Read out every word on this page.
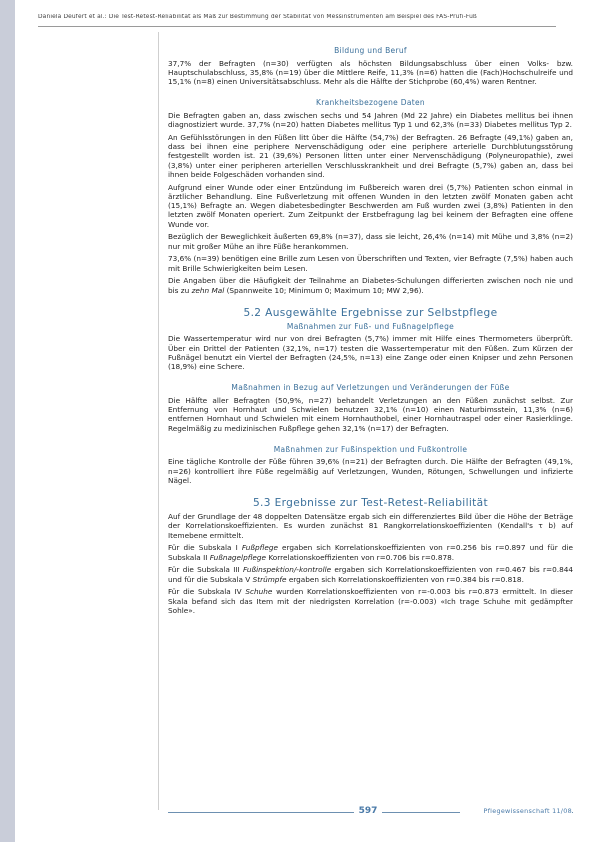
Daniela Deufert et al.: Die Test-Retest-Reliabilität als Maß zur Bestimmung der Stabilität von Messinstrumenten am Beispiel des FAS-Prufi-Fuß
Bildung und Beruf

37,7% der Befragten (n=30) verfügten als höchsten Bildungsabschluss über einen Volks- bzw. Hauptschulabschluss, 35,8% (n=19) über die Mittlere Reife, 11,3% (n=6) hatten die (Fach)Hochschulreife und 15,1% (n=8) einen Universitätsabschluss. Mehr als die Hälfte der Stichprobe (60,4%) waren Rentner.

Krankheitsbezogene Daten

Die Befragten gaben an, dass zwischen sechs und 54 Jahren (Md 22 Jahre) ein Diabetes mellitus bei ihnen diagnostiziert wurde. 37,7% (n=20) hatten Diabetes mellitus Typ 1 und 62,3% (n=33) Diabetes mellitus Typ 2.

An Gefühlsstörungen in den Füßen litt über die Hälfte (54,7%) der Befragten. 26 Befragte (49,1%) gaben an, dass bei ihnen eine periphere Nervenschädigung oder eine periphere arterielle Durchblutungsstörung festgestellt worden ist. 21 (39,6%) Personen litten unter einer Nervenschädigung (Polyneuropathie), zwei (3,8%) unter einer peripheren arteriellen Verschlusskrankheit und drei Befragte (5,7%) gaben an, dass bei ihnen beide Folgeschäden vorhanden sind.

Aufgrund einer Wunde oder einer Entzündung im Fußbereich waren drei (5,7%) Patienten schon einmal in ärztlicher Behandlung. Eine Fußverletzung mit offenen Wunden in den letzten zwölf Monaten gaben acht (15,1%) Befragte an. Wegen diabetesbedingter Beschwerden am Fuß wurden zwei (3,8%) Patienten in den letzten zwölf Monaten operiert. Zum Zeitpunkt der Erstbefragung lag bei keinem der Befragten eine offene Wunde vor.

Bezüglich der Beweglichkeit äußerten 69,8% (n=37), dass sie leicht, 26,4% (n=14) mit Mühe und 3,8% (n=2) nur mit großer Mühe an ihre Füße herankommen.

73,6% (n=39) benötigen eine Brille zum Lesen von Überschriften und Texten, vier Befragte (7,5%) haben auch mit Brille Schwierigkeiten beim Lesen.

Die Angaben über die Häufigkeit der Teilnahme an Diabetes-Schulungen differierten zwischen noch nie und bis zu zehn Mal (Spannweite 10; Minimum 0; Maximum 10; MW 2,96).

5.2 Ausgewählte Ergebnisse zur Selbstpflege
Maßnahmen zur Fuß- und Fußnagelpflege

Die Wassertemperatur wird nur von drei Befragten (5,7%) immer mit Hilfe eines Thermometers überprüft. Über ein Drittel der Patienten (32,1%, n=17) testen die Wassertemperatur mit den Füßen. Zum Kürzen der Fußnägel benutzt ein Viertel der Befragten (24,5%, n=13) eine Zange oder einen Knipser und zehn Personen (18,9%) eine Schere.

Maßnahmen in Bezug auf Verletzungen und Veränderungen der Füße

Die Hälfte aller Befragten (50,9%, n=27) behandelt Verletzungen an den Füßen zunächst selbst. Zur Entfernung von Hornhaut und Schwielen benutzen 32,1% (n=10) einen Naturbimsstein, 11,3% (n=6) entfernen Hornhaut und Schwielen mit einem Hornhauthobel, einer Hornhautraspel oder einer Rasierklinge. Regelmäßig zu medizinischen Fußpflege gehen 32,1% (n=17) der Befragten.

Maßnahmen zur Fußinspektion und Fußkontrolle

Eine tägliche Kontrolle der Füße führen 39,6% (n=21) der Befragten durch. Die Hälfte der Befragten (49,1%, n=26) kontrolliert ihre Füße regelmäßig auf Verletzungen, Wunden, Rötungen, Schwellungen und infizierte Nägel.

5.3 Ergebnisse zur Test-Retest-Reliabilität

Auf der Grundlage der 48 doppelten Datensätze ergab sich ein differenziertes Bild über die Höhe der Beträge der Korrelationskoeffizienten. Es wurden zunächst 81 Rangkorrelationskoeffizienten (Kendall's τ b) auf Itemebene ermittelt.

Für die Subskala I Fußpflege ergaben sich Korrelationskoeffizienten von r=0.256 bis r=0.897 und für die Subskala II Fußnagelpflege Korrelationskoeffizienten von r=0.706 bis r=0.878.

Für die Subskala III Fußinspektion/-kontrolle ergaben sich Korrelationskoeffizienten von r=0.467 bis r=0.844 und für die Subskala V Strümpfe ergaben sich Korrelationskoeffizienten von r=0.384 bis r=0.818.

Für die Subskala IV Schuhe wurden Korrelationskoeffizienten von r=-0.003 bis r=0.873 ermittelt. In dieser Skala befand sich das Item mit der niedrigsten Korrelation (r=-0.003) «Ich trage Schuhe mit gedämpfter Sohle».

597	Pflegewissenschaft 11/08
